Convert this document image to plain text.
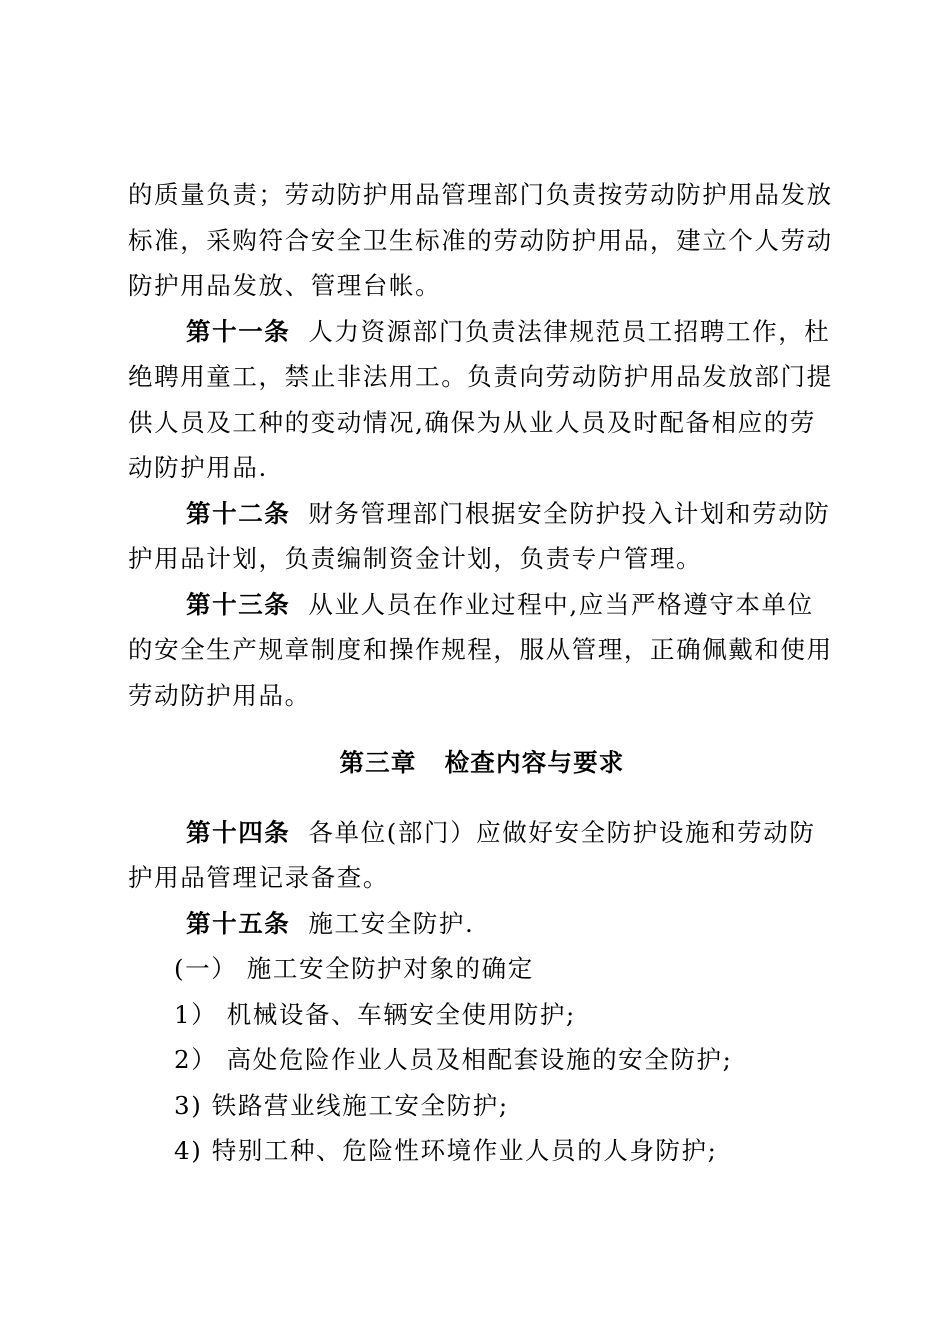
的质量负责；劳动防护用品管理部门负责按劳动防护用品发放标准，采购符合安全卫生标准的劳动防护用品，建立个人劳动防护用品发放、管理台帐。

第十一条 人力资源部门负责法律规范员工招聘工作，杜绝聘用童工，禁止非法用工。负责向劳动防护用品发放部门提供人员及工种的变动情况,确保为从业人员及时配备相应的劳动防护用品.

第十二条 财务管理部门根据安全防护投入计划和劳动防护用品计划，负责编制资金计划，负责专户管理。

第十三条 从业人员在作业过程中,应当严格遵守本单位的安全生产规章制度和操作规程，服从管理，正确佩戴和使用劳动防护用品。

第三章 检查内容与要求

第十四条 各单位(部门）应做好安全防护设施和劳动防护用品管理记录备查。

第十五条 施工安全防护.

(一） 施工安全防护对象的确定

1） 机械设备、车辆安全使用防护;

2） 高处危险作业人员及相配套设施的安全防护;

3) 铁路营业线施工安全防护;

4) 特别工种、危险性环境作业人员的人身防护;
